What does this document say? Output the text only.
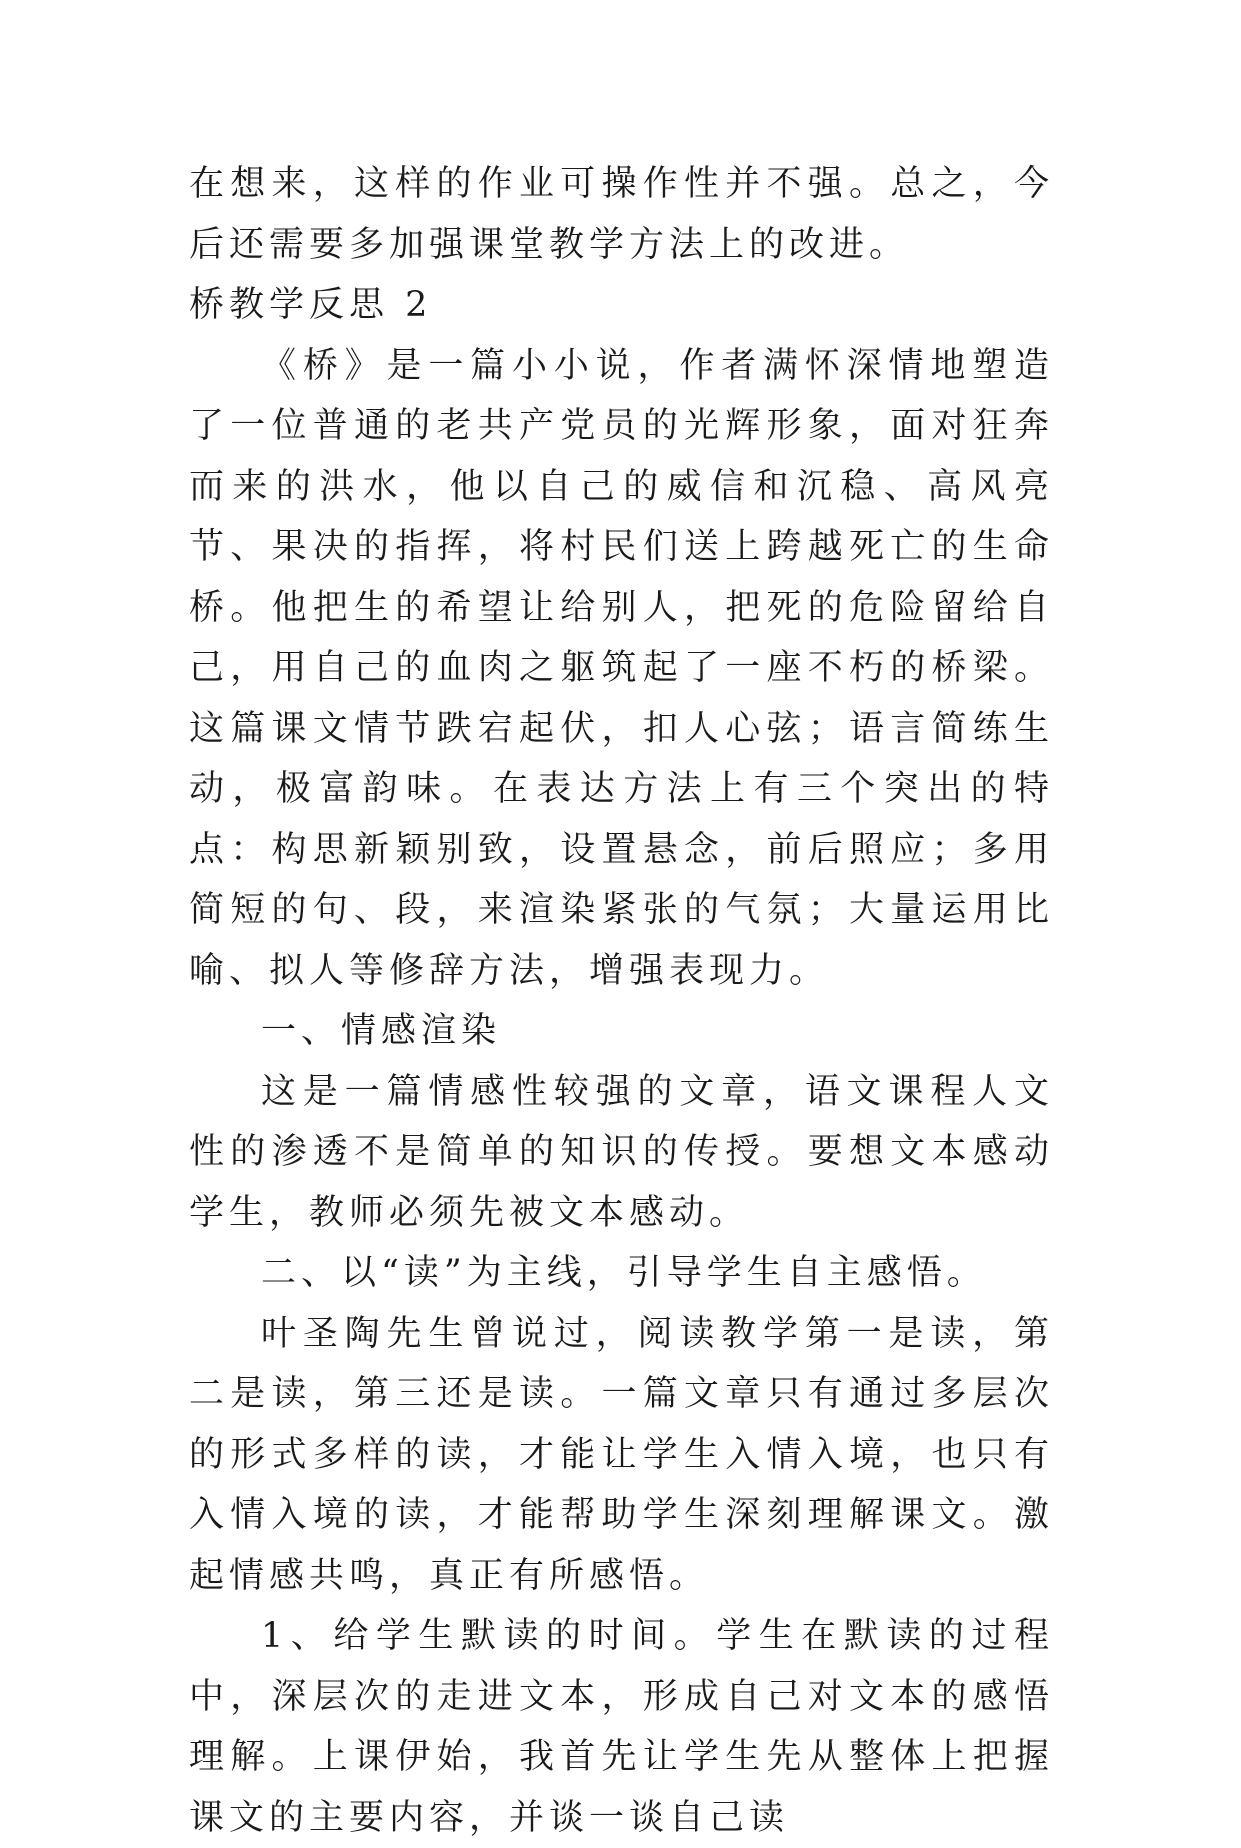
在想来，这样的作业可操作性并不强。总之，今后还需要多加强课堂教学方法上的改进。

桥教学反思 2

《桥》是一篇小小说，作者满怀深情地塑造了一位普通的老共产党员的光辉形象，面对狂奔而来的洪水，他以自己的威信和沉稳、高风亮节、果决的指挥，将村民们送上跨越死亡的生命桥。他把生的希望让给别人，把死的危险留给自己，用自己的血肉之躯筑起了一座不朽的桥梁。这篇课文情节跌宕起伏，扣人心弦；语言简练生动，极富韵味。在表达方法上有三个突出的特点：构思新颖别致，设置悬念，前后照应；多用简短的句、段，来渲染紧张的气氛；大量运用比喻、拟人等修辞方法，增强表现力。

一、情感渲染

这是一篇情感性较强的文章，语文课程人文性的渗透不是简单的知识的传授。要想文本感动学生，教师必须先被文本感动。

二、以“读”为主线，引导学生自主感悟。

叶圣陶先生曾说过，阅读教学第一是读，第二是读，第三还是读。一篇文章只有通过多层次的形式多样的读，才能让学生入情入境，也只有入情入境的读，才能帮助学生深刻理解课文。激起情感共鸣，真正有所感悟。

1、给学生默读的时间。学生在默读的过程中，深层次的走进文本，形成自己对文本的感悟理解。上课伊始，我首先让学生先从整体上把握课文的主要内容，并谈一谈自己读
